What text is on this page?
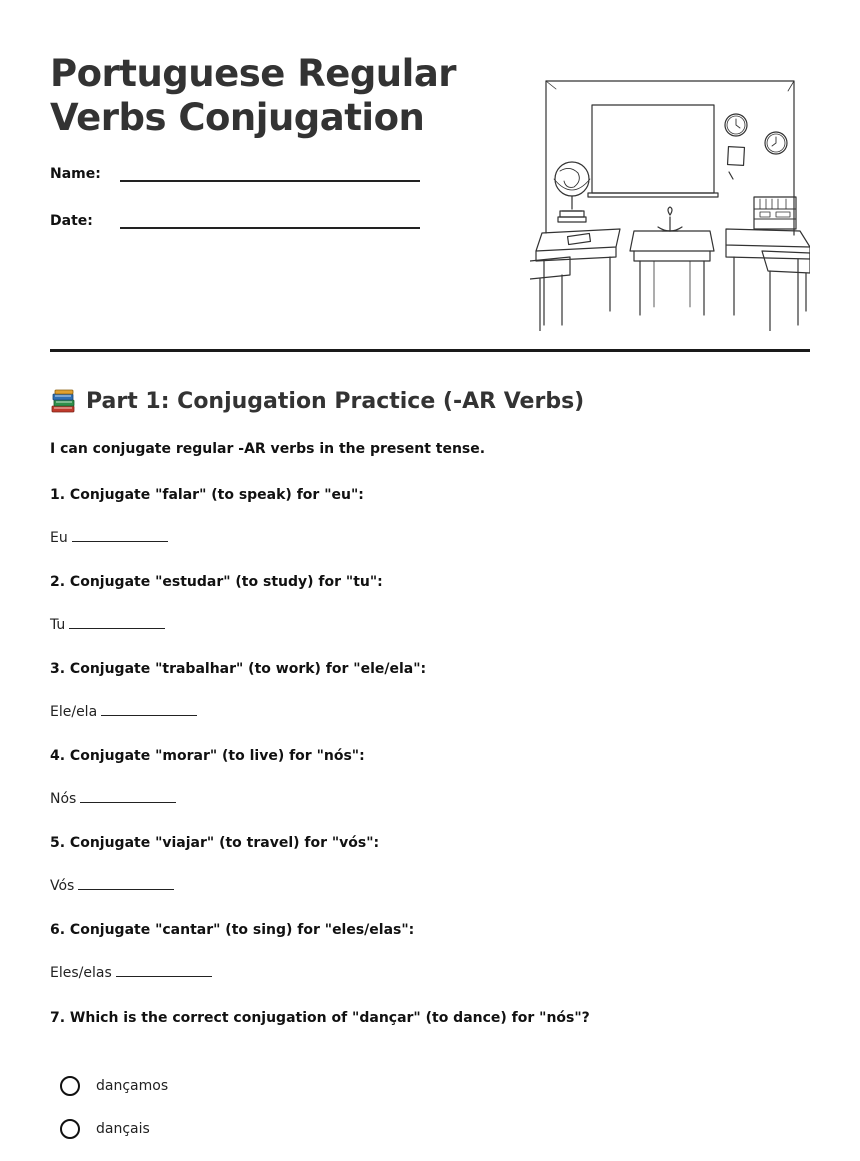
Portuguese Regular
Verbs Conjugation
Name:
Date:
Part 1: Conjugation Practice (-AR Verbs)
I can conjugate regular -AR verbs in the present tense.
1. Conjugate "falar" (to speak) for "eu":
Eu
2. Conjugate "estudar" (to study) for "tu":
Tu
3. Conjugate "trabalhar" (to work) for "ele/ela":
Ele/ela
4. Conjugate "morar" (to live) for "nós":
Nós
5. Conjugate "viajar" (to travel) for "vós":
Vós
6. Conjugate "cantar" (to sing) for "eles/elas":
Eles/elas
7. Which is the correct conjugation of "dançar" (to dance) for "nós"?
dançamos
dançais
